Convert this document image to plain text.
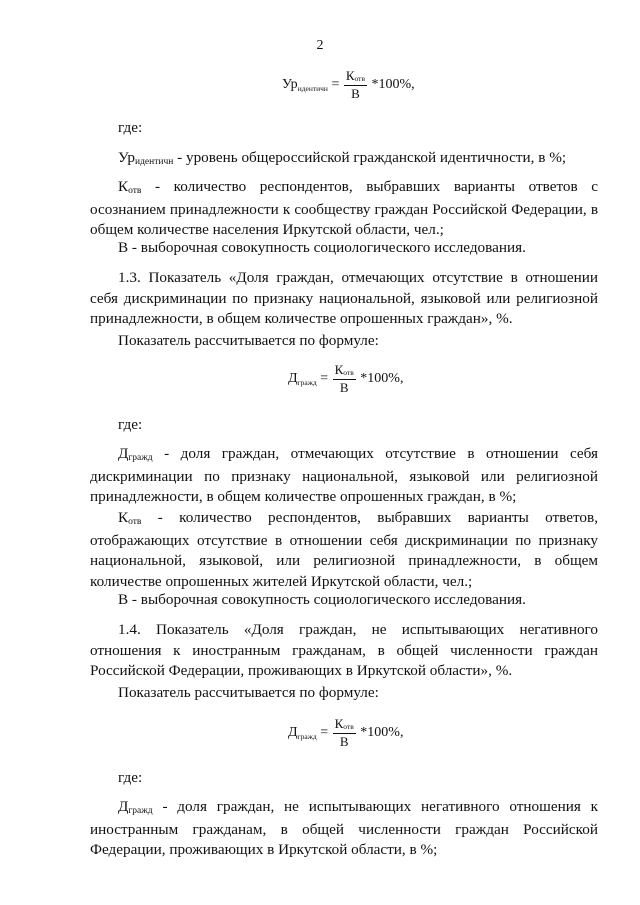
2
$Ур_{идентичн} = \frac{\text{Котв}}{В} *100\%$,
где:
Уридентичн - уровень общероссийской гражданской идентичности, в %;
Котв - количество респондентов, выбравших варианты ответов с осознанием принадлежности к сообществу граждан Российской Федерации, в общем количестве населения Иркутской области, чел.;
В - выборочная совокупность социологического исследования.
1.3. Показатель «Доля граждан, отмечающих отсутствие в отношении себя дискриминации по признаку национальной, языковой или религиозной принадлежности, в общем количестве опрошенных граждан», %.
Показатель рассчитывается по формуле:
$Д_{гражд} = \frac{\text{Котв}}{В} *100\%$,
где:
Дгражд - доля граждан, отмечающих отсутствие в отношении себя дискриминации по признаку национальной, языковой или религиозной принадлежности, в общем количестве опрошенных граждан, в %;
Котв - количество респондентов, выбравших варианты ответов, отображающих отсутствие в отношении себя дискриминации по признаку национальной, языковой, или религиозной принадлежности, в общем количестве опрошенных жителей Иркутской области, чел.;
В - выборочная совокупность социологического исследования.
1.4. Показатель «Доля граждан, не испытывающих негативного отношения к иностранным гражданам, в общей численности граждан Российской Федерации, проживающих в Иркутской области», %.
Показатель рассчитывается по формуле:
$Д_{гражд} = \frac{\text{Котв}}{В} *100\%$,
где:
Дгражд - доля граждан, не испытывающих негативного отношения к иностранным гражданам, в общей численности граждан Российской Федерации, проживающих в Иркутской области, в %;
